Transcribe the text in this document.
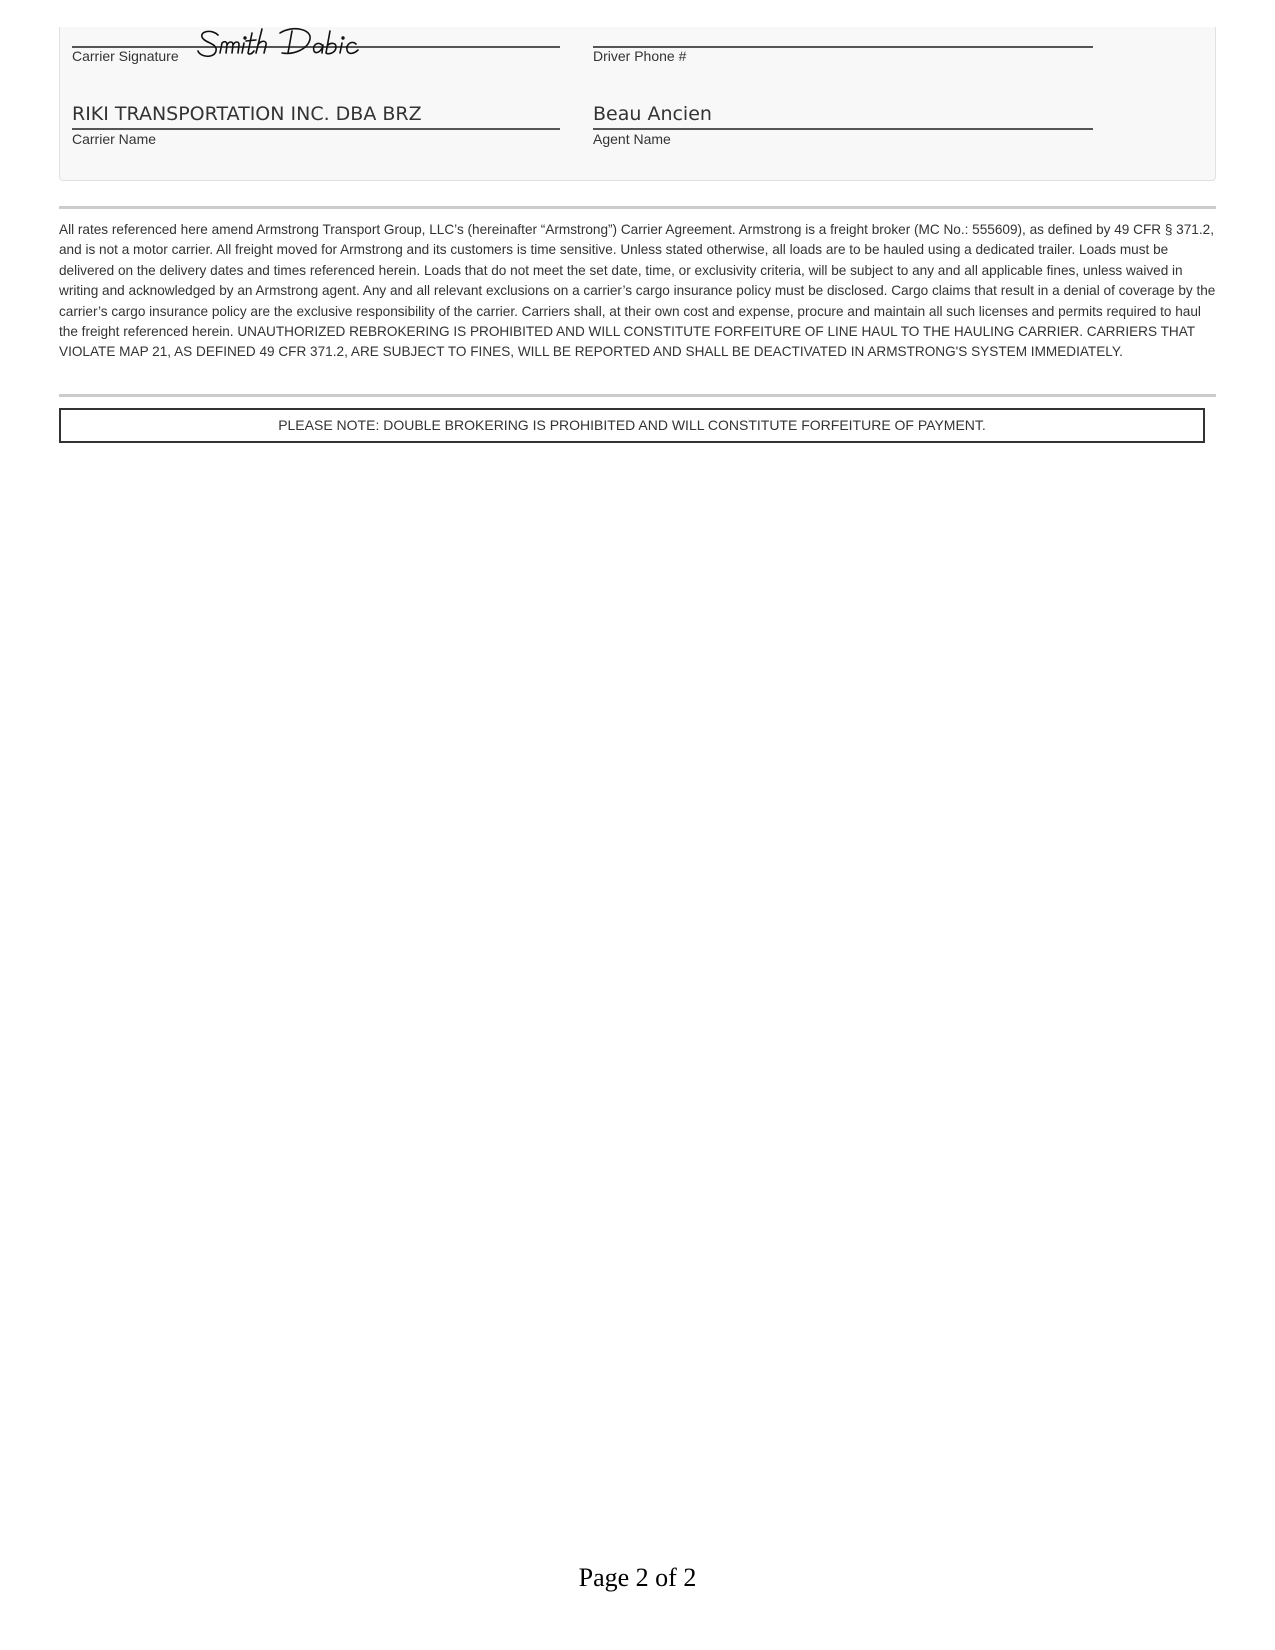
Carrier Signature	Driver Phone #
RIKI TRANSPORTATION INC. DBA BRZ
Carrier Name
Beau Ancien
Agent Name

All rates referenced here amend Armstrong Transport Group, LLC’s (hereinafter “Armstrong”) Carrier Agreement. Armstrong is a freight broker (MC No.: 555609), as defined by 49 CFR § 371.2, and is not a motor carrier. All freight moved for Armstrong and its customers is time sensitive. Unless stated otherwise, all loads are to be hauled using a dedicated trailer. Loads must be delivered on the delivery dates and times referenced herein. Loads that do not meet the set date, time, or exclusivity criteria, will be subject to any and all applicable fines, unless waived in writing and acknowledged by an Armstrong agent. Any and all relevant exclusions on a carrier’s cargo insurance policy must be disclosed. Cargo claims that result in a denial of coverage by the carrier’s cargo insurance policy are the exclusive responsibility of the carrier. Carriers shall, at their own cost and expense, procure and maintain all such licenses and permits required to haul the freight referenced herein. UNAUTHORIZED REBROKERING IS PROHIBITED AND WILL CONSTITUTE FORFEITURE OF LINE HAUL TO THE HAULING CARRIER. CARRIERS THAT VIOLATE MAP 21, AS DEFINED 49 CFR 371.2, ARE SUBJECT TO FINES, WILL BE REPORTED AND SHALL BE DEACTIVATED IN ARMSTRONG'S SYSTEM IMMEDIATELY.

PLEASE NOTE: DOUBLE BROKERING IS PROHIBITED AND WILL CONSTITUTE FORFEITURE OF PAYMENT.
Page 2 of 2
